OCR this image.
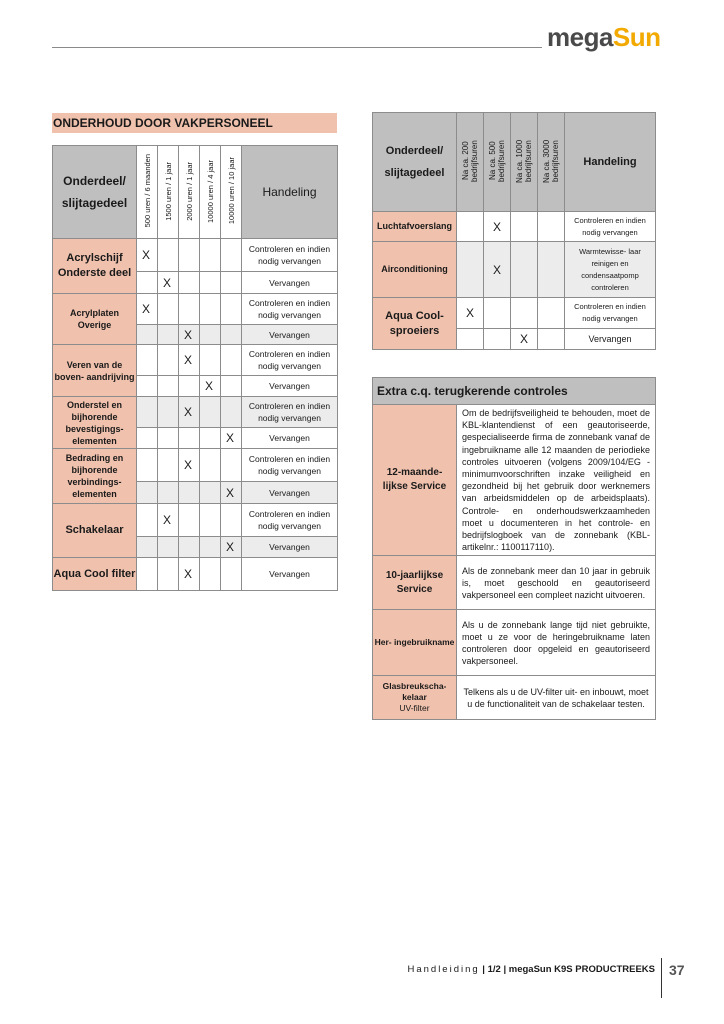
megaSun
ONDERHOUD DOOR VAKPERSONEEL
Onderdeel/ slijtagedeel	500 uren / 6 maanden	1500 uren / 1 jaar	2000 uren / 1 jaar	10000 uren / 4 jaar	10000 uren / 10 jaar	Handeling
Acrylschijf Onderste deel	X					Controleren en indien nodig vervangen
		X				Vervangen
Acrylplaten Overige	X					Controleren en indien nodig vervangen
			X			Vervangen
Veren van de boven- aandrijving			X			Controleren en indien nodig vervangen
				X		Vervangen
Onderstel en bijhorende bevestigings- elementen			X			Controleren en indien nodig vervangen
					X	Vervangen
Bedrading en bijhorende verbindings- elementen			X			Controleren en indien nodig vervangen
					X	Vervangen
Schakelaar		X				Controleren en indien nodig vervangen
					X	Vervangen
Aqua Cool filter			X			Vervangen
Onderdeel/ slijtagedeel	Na ca. 200 bedrijfsuren	Na ca. 500 bedrijfsuren	Na ca. 1000 bedrijfsuren	Na ca. 3000 bedrijfsuren	Handeling
Luchtafvoerslang		X			Controleren en indien nodig vervangen
Airconditioning		X			Warmtewisse- laar reinigen en condensaatpomp controleren
Aqua Cool- sproeiers	X				Controleren en indien nodig vervangen
			X		Vervangen
Extra c.q. terugkerende controles	
12-maande- lijkse Service	Om de bedrijfsveiligheid te behouden, moet de KBL-klantendienst of een geautoriseerde, gespecialiseerde firma de zonnebank vanaf de ingebruikname alle 12 maanden de periodieke controles uitvoeren (volgens 2009/104/EG - minimumvoorschriften inzake veiligheid en gezondheid bij het gebruik door werknemers van arbeidsmiddelen op de arbeidsplaats). Controle- en onderhoudswerkzaamheden moet u documenteren in het controle- en bedrijfslogboek van de zonnebank (KBL-artikelnr.: 1100117110).
10-jaarlijkse Service	Als de zonnebank meer dan 10 jaar in gebruik is, moet geschoold en geautoriseerd vakpersoneel een compleet nazicht uitvoeren.
Her- ingebruikname	Als u de zonnebank lange tijd niet gebruikte, moet u ze voor de heringebruikname laten controleren door opgeleid en geautoriseerd vakpersoneel.
Glasbreukscha- kelaar
UV-filter	Telkens als u de UV-filter uit- en inbouwt, moet u de functionaliteit van de schakelaar testen.
Handleiding | 1/2 | megaSun K9S PRODUCTREEKS 37
